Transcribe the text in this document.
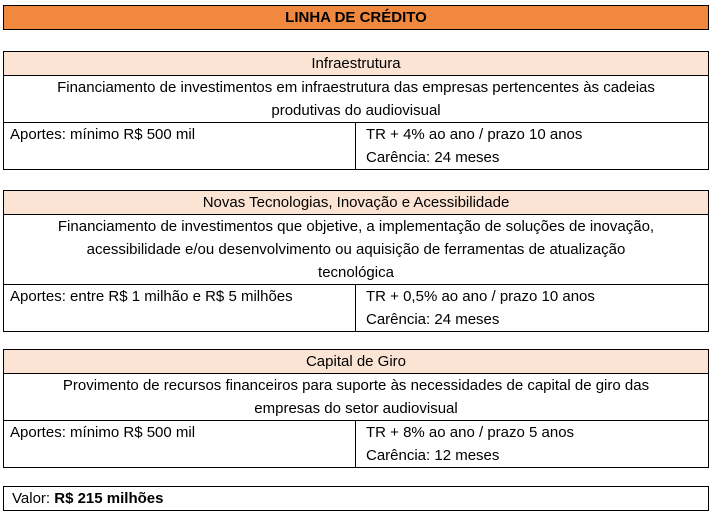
LINHA DE CRÉDITO
Infraestrutura
Financiamento de investimentos em infraestrutura das empresas pertencentes às cadeias
produtivas do audiovisual
Aportes: mínimo R$ 500 mil	TR + 4% ao ano / prazo 10 anos
Carência: 24 meses
Novas Tecnologias, Inovação e Acessibilidade
Financiamento de investimentos que objetive, a implementação de soluções de inovação,
acessibilidade e/ou desenvolvimento ou aquisição de ferramentas de atualização
tecnológica
Aportes: entre R$ 1 milhão e R$ 5 milhões	TR + 0,5% ao ano / prazo 10 anos
Carência: 24 meses
Capital de Giro
Provimento de recursos financeiros para suporte às necessidades de capital de giro das
empresas do setor audiovisual
Aportes: mínimo R$ 500 mil	TR + 8% ao ano / prazo 5 anos
Carência: 12 meses
Valor: R$ 215 milhões
